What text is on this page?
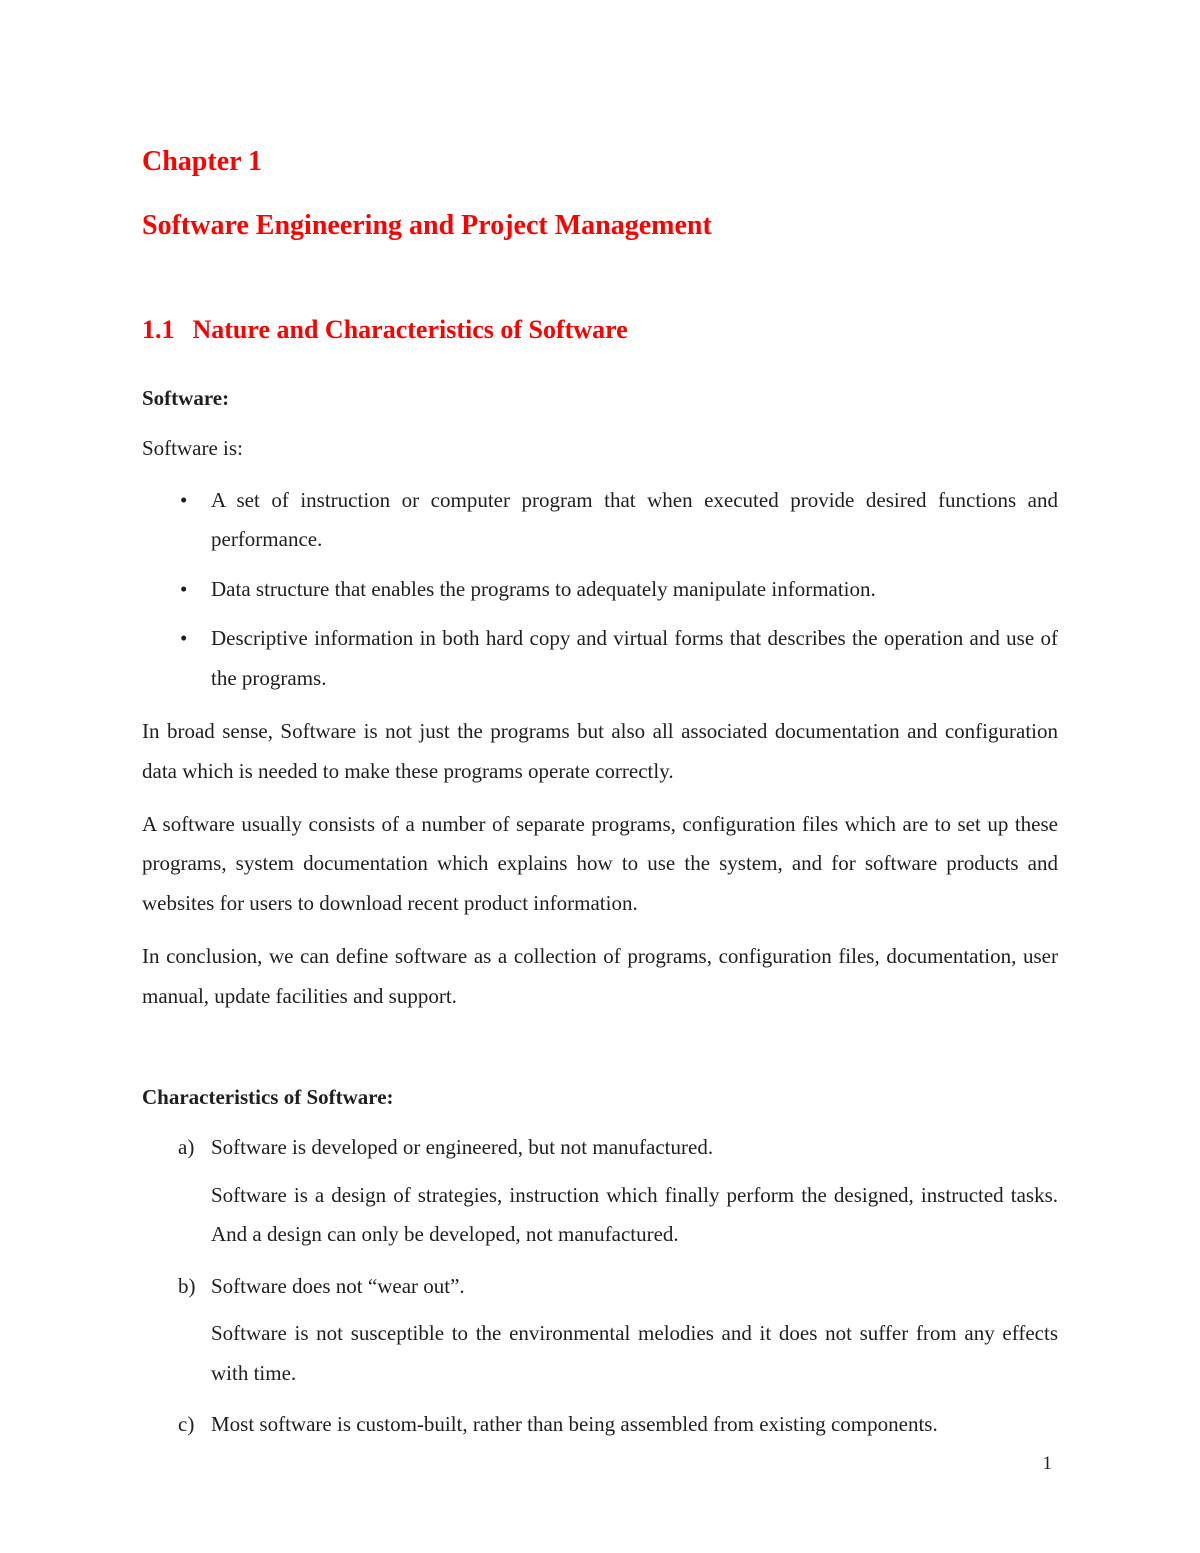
Chapter 1
Software Engineering and Project Management
1.1 Nature and Characteristics of Software

Software:

Software is:

• A set of instruction or computer program that when executed provide desired functions and performance.
• Data structure that enables the programs to adequately manipulate information.
• Descriptive information in both hard copy and virtual forms that describes the operation and use of the programs.

In broad sense, Software is not just the programs but also all associated documentation and configuration data which is needed to make these programs operate correctly.

A software usually consists of a number of separate programs, configuration files which are to set up these programs, system documentation which explains how to use the system, and for software products and websites for users to download recent product information.

In conclusion, we can define software as a collection of programs, configuration files, documentation, user manual, update facilities and support.

Characteristics of Software:

a) Software is developed or engineered, but not manufactured.

Software is a design of strategies, instruction which finally perform the designed, instructed tasks. And a design can only be developed, not manufactured.

b) Software does not “wear out”.

Software is not susceptible to the environmental melodies and it does not suffer from any effects with time.

c) Most software is custom-built, rather than being assembled from existing components.

1
